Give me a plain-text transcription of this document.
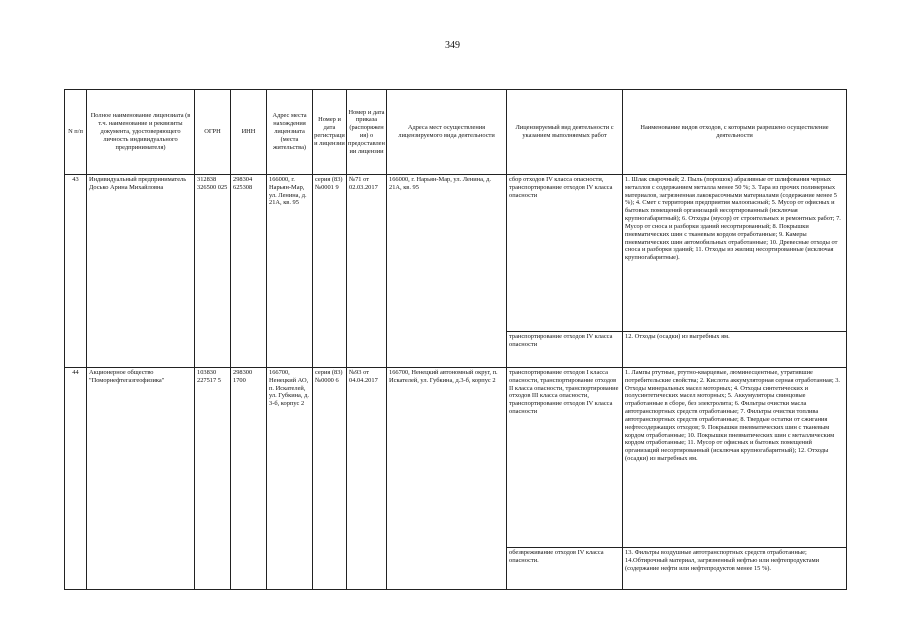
349
N п/п	Полное наименование лицензиата (в т.ч. наименование и реквизиты документа, удостоверяющего личность индивидуального предпринимателя)	ОГРН	ИНН	Адрес места нахождения лицензиата (места жительства)	Номер и дата регистрации лицензии	Номер и дата приказа (распоряжения) о предоставлении лицензии	Адреса мест осуществления лицензируемого вида деятельности	Лицензируемый вид деятельности с указанием выполняемых работ	Наименование видов отходов, с которыми разрешено осуществление деятельности
43	Индивидуальный предприниматель Досько Арина Михайловна	312838 326500 025	298304 625308	166000, г. Нарьян-Мар, ул. Ленина, д. 21А, кв. 95	серия (83) №0001 9	№71 от 02.03.2017	166000, г. Нарьян-Мар, ул. Ленина, д. 21А, кв. 95	сбор отходов IV класса опасности, транспортирование отходов IV класса опасности	1. Шлак сварочный; 2. Пыль (порошок) абразивные от шлифования черных металлов с содержанием металла менее 50 %; 3. Тара из прочих полимерных материалов, загрязненная лакокрасочными материалами (содержание менее 5 %); 4. Смет с территории предприятия малоопасный; 5. Мусор от офисных и бытовых помещений организаций несортированный (исключая крупногабаритный); 6. Отходы (мусор) от строительных и ремонтных работ; 7. Мусор от сноса и разборки зданий несортированный; 8. Покрышки пневматических шин с тканевым кордом отработанные; 9. Камеры пневматических шин автомобильных отработанные; 10. Древесные отходы от сноса и разборки зданий; 11. Отходы из жилищ несортированные (исключая крупногабаритные).
								транспортирование отходов IV класса опасности	12. Отходы (осадки) из выгребных ям.
44	Акционерное общество "Поморнефтегазгеофизика"	103830 227517 5	298300 1700	166700, Ненецкий АО, п. Искателей, ул. Губкина, д. 3-б, корпус 2	серия (83) №0000 6	№93 от 04.04.2017	166700, Ненецкий автономный округ, п. Искателей, ул. Губкина, д.3-б, корпус 2	транспортирование отходов I класса опасности, транспортирование отходов II класса опасности, транспортирование отходов III класса опасности, транспортирование отходов IV класса опасности	1. Лампы ртутные, ртутно-кварцевые, люминесцентные, утратившие потребительские свойства; 2. Кислота аккумуляторная серная отработанная; 3. Отходы минеральных масел моторных; 4. Отходы синтетических и полусинтетических масел моторных; 5. Аккумуляторы свинцовые отработанные в сборе, без электролита; 6. Фильтры очистки масла автотранспортных средств отработанные; 7. Фильтры очистки топлива автотранспортных средств отработанные; 8. Твердые остатки от сжигания нефтесодержащих отходов; 9. Покрышки пневматических шин с тканевым кордом отработанные; 10. Покрышки пневматических шин с металлическим кордом отработанные; 11. Мусор от офисных и бытовых помещений организаций несортированный (исключая крупногабаритный); 12. Отходы (осадки) из выгребных ям.
								обезвреживание отходов IV класса опасности.	13. Фильтры воздушные автотранспортных средств отработанные; 14.Обтирочный материал, загрязненный нефтью или нефтепродуктами (содержание нефти или нефтепродуктов менее 15 %).
